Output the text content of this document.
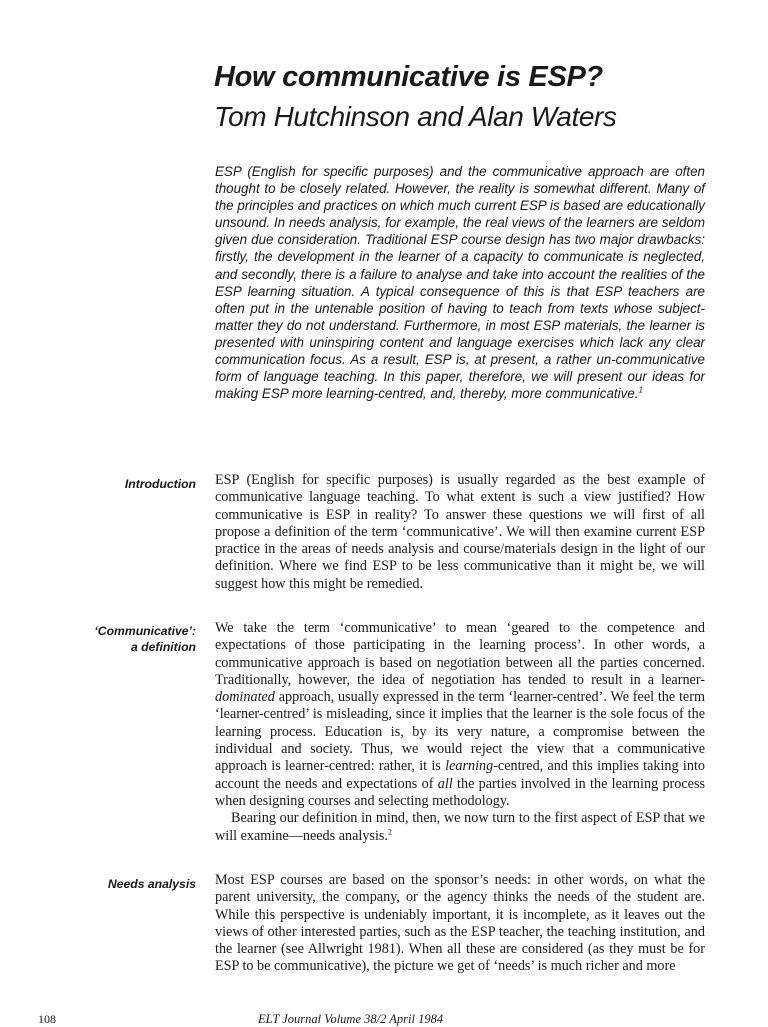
How communicative is ESP?
Tom Hutchinson and Alan Waters

ESP (English for specific purposes) and the communicative approach are often thought to be closely related. However, the reality is somewhat different. Many of the principles and practices on which much current ESP is based are educationally unsound. In needs analysis, for example, the real views of the learners are seldom given due consideration. Traditional ESP course design has two major drawbacks: firstly, the development in the learner of a capacity to communicate is neglected, and secondly, there is a failure to analyse and take into account the realities of the ESP learning situation. A typical consequence of this is that ESP teachers are often put in the untenable position of having to teach from texts whose subject-matter they do not understand. Furthermore, in most ESP materials, the learner is presented with uninspiring content and language exercises which lack any clear communication focus. As a result, ESP is, at present, a rather un-communicative form of language teaching. In this paper, therefore, we will present our ideas for making ESP more learning-centred, and, thereby, more communicative.$^1$

Introduction ESP (English for specific purposes) is usually regarded as the best example of communicative language teaching. To what extent is such a view justified? How communicative is ESP in reality? To answer these questions we will first of all propose a definition of the term ‘communicative’. We will then examine current ESP practice in the areas of needs analysis and course/materials design in the light of our definition. Where we find ESP to be less communicative than it might be, we will suggest how this might be remedied.

‘Communicative’:
a definition

We take the term ‘communicative’ to mean ‘geared to the competence and expectations of those participating in the learning process’. In other words, a communicative approach is based on negotiation between all the parties concerned. Traditionally, however, the idea of negotiation has tended to result in a learner-dominated approach, usually expressed in the term ‘learner-centred’. We feel the term ‘learner-centred’ is misleading, since it implies that the learner is the sole focus of the learning process. Education is, by its very nature, a compromise between the individual and society. Thus, we would reject the view that a communicative approach is learner-centred: rather, it is learning-centred, and this implies taking into account the needs and expectations of all the parties involved in the learning process when designing courses and selecting methodology.

Bearing our definition in mind, then, we now turn to the first aspect of ESP that we will examine—needs analysis.$^2$

Needs analysis Most ESP courses are based on the sponsor’s needs: in other words, on what the parent university, the company, or the agency thinks the needs of the student are. While this perspective is undeniably important, it is incomplete, as it leaves out the views of other interested parties, such as the ESP teacher, the teaching institution, and the learner (see Allwright 1981). When all these are considered (as they must be for ESP to be communicative), the picture we get of ‘needs’ is much richer and more

108	ELT Journal Volume 38/2 April 1984
